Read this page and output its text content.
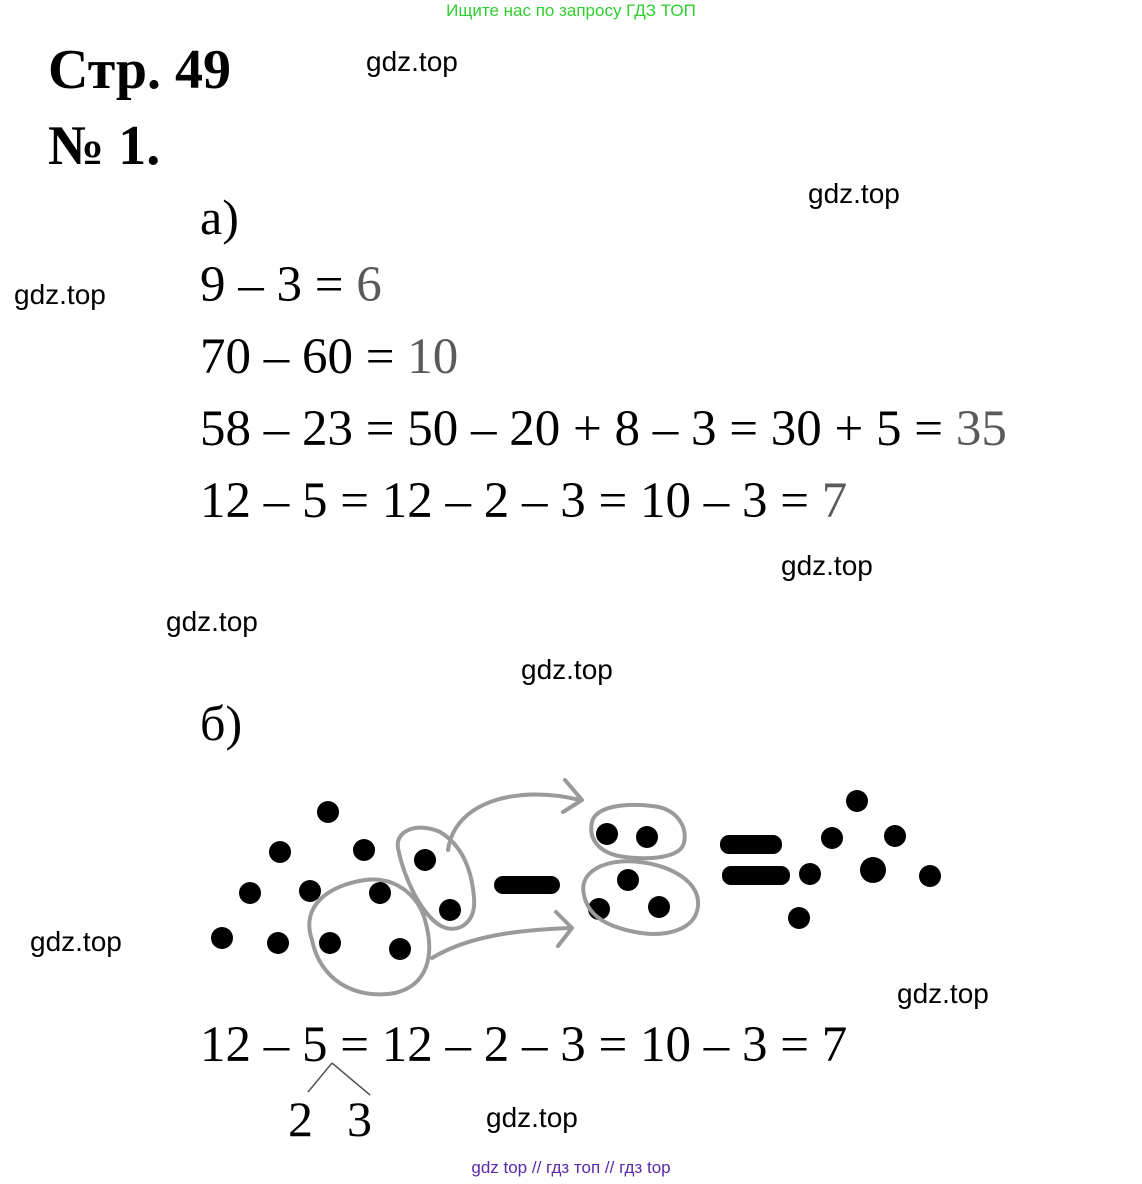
Ищите нас по запросу ГДЗ ТОП
Стр. 49
№ 1.
gdz.top
gdz.top
gdz.top
gdz.top
gdz.top
gdz.top
gdz.top
gdz.top
gdz.top
а)
9 – 3 = 6
70 – 60 = 10
58 – 23 = 50 – 20 + 8 – 3 = 30 + 5 = 35
12 – 5 = 12 – 2 – 3 = 10 – 3 = 7
б)
12 – 5 = 12 – 2 – 3 = 10 – 3 = 7
2 3
gdz top // гдз топ // гдз top
